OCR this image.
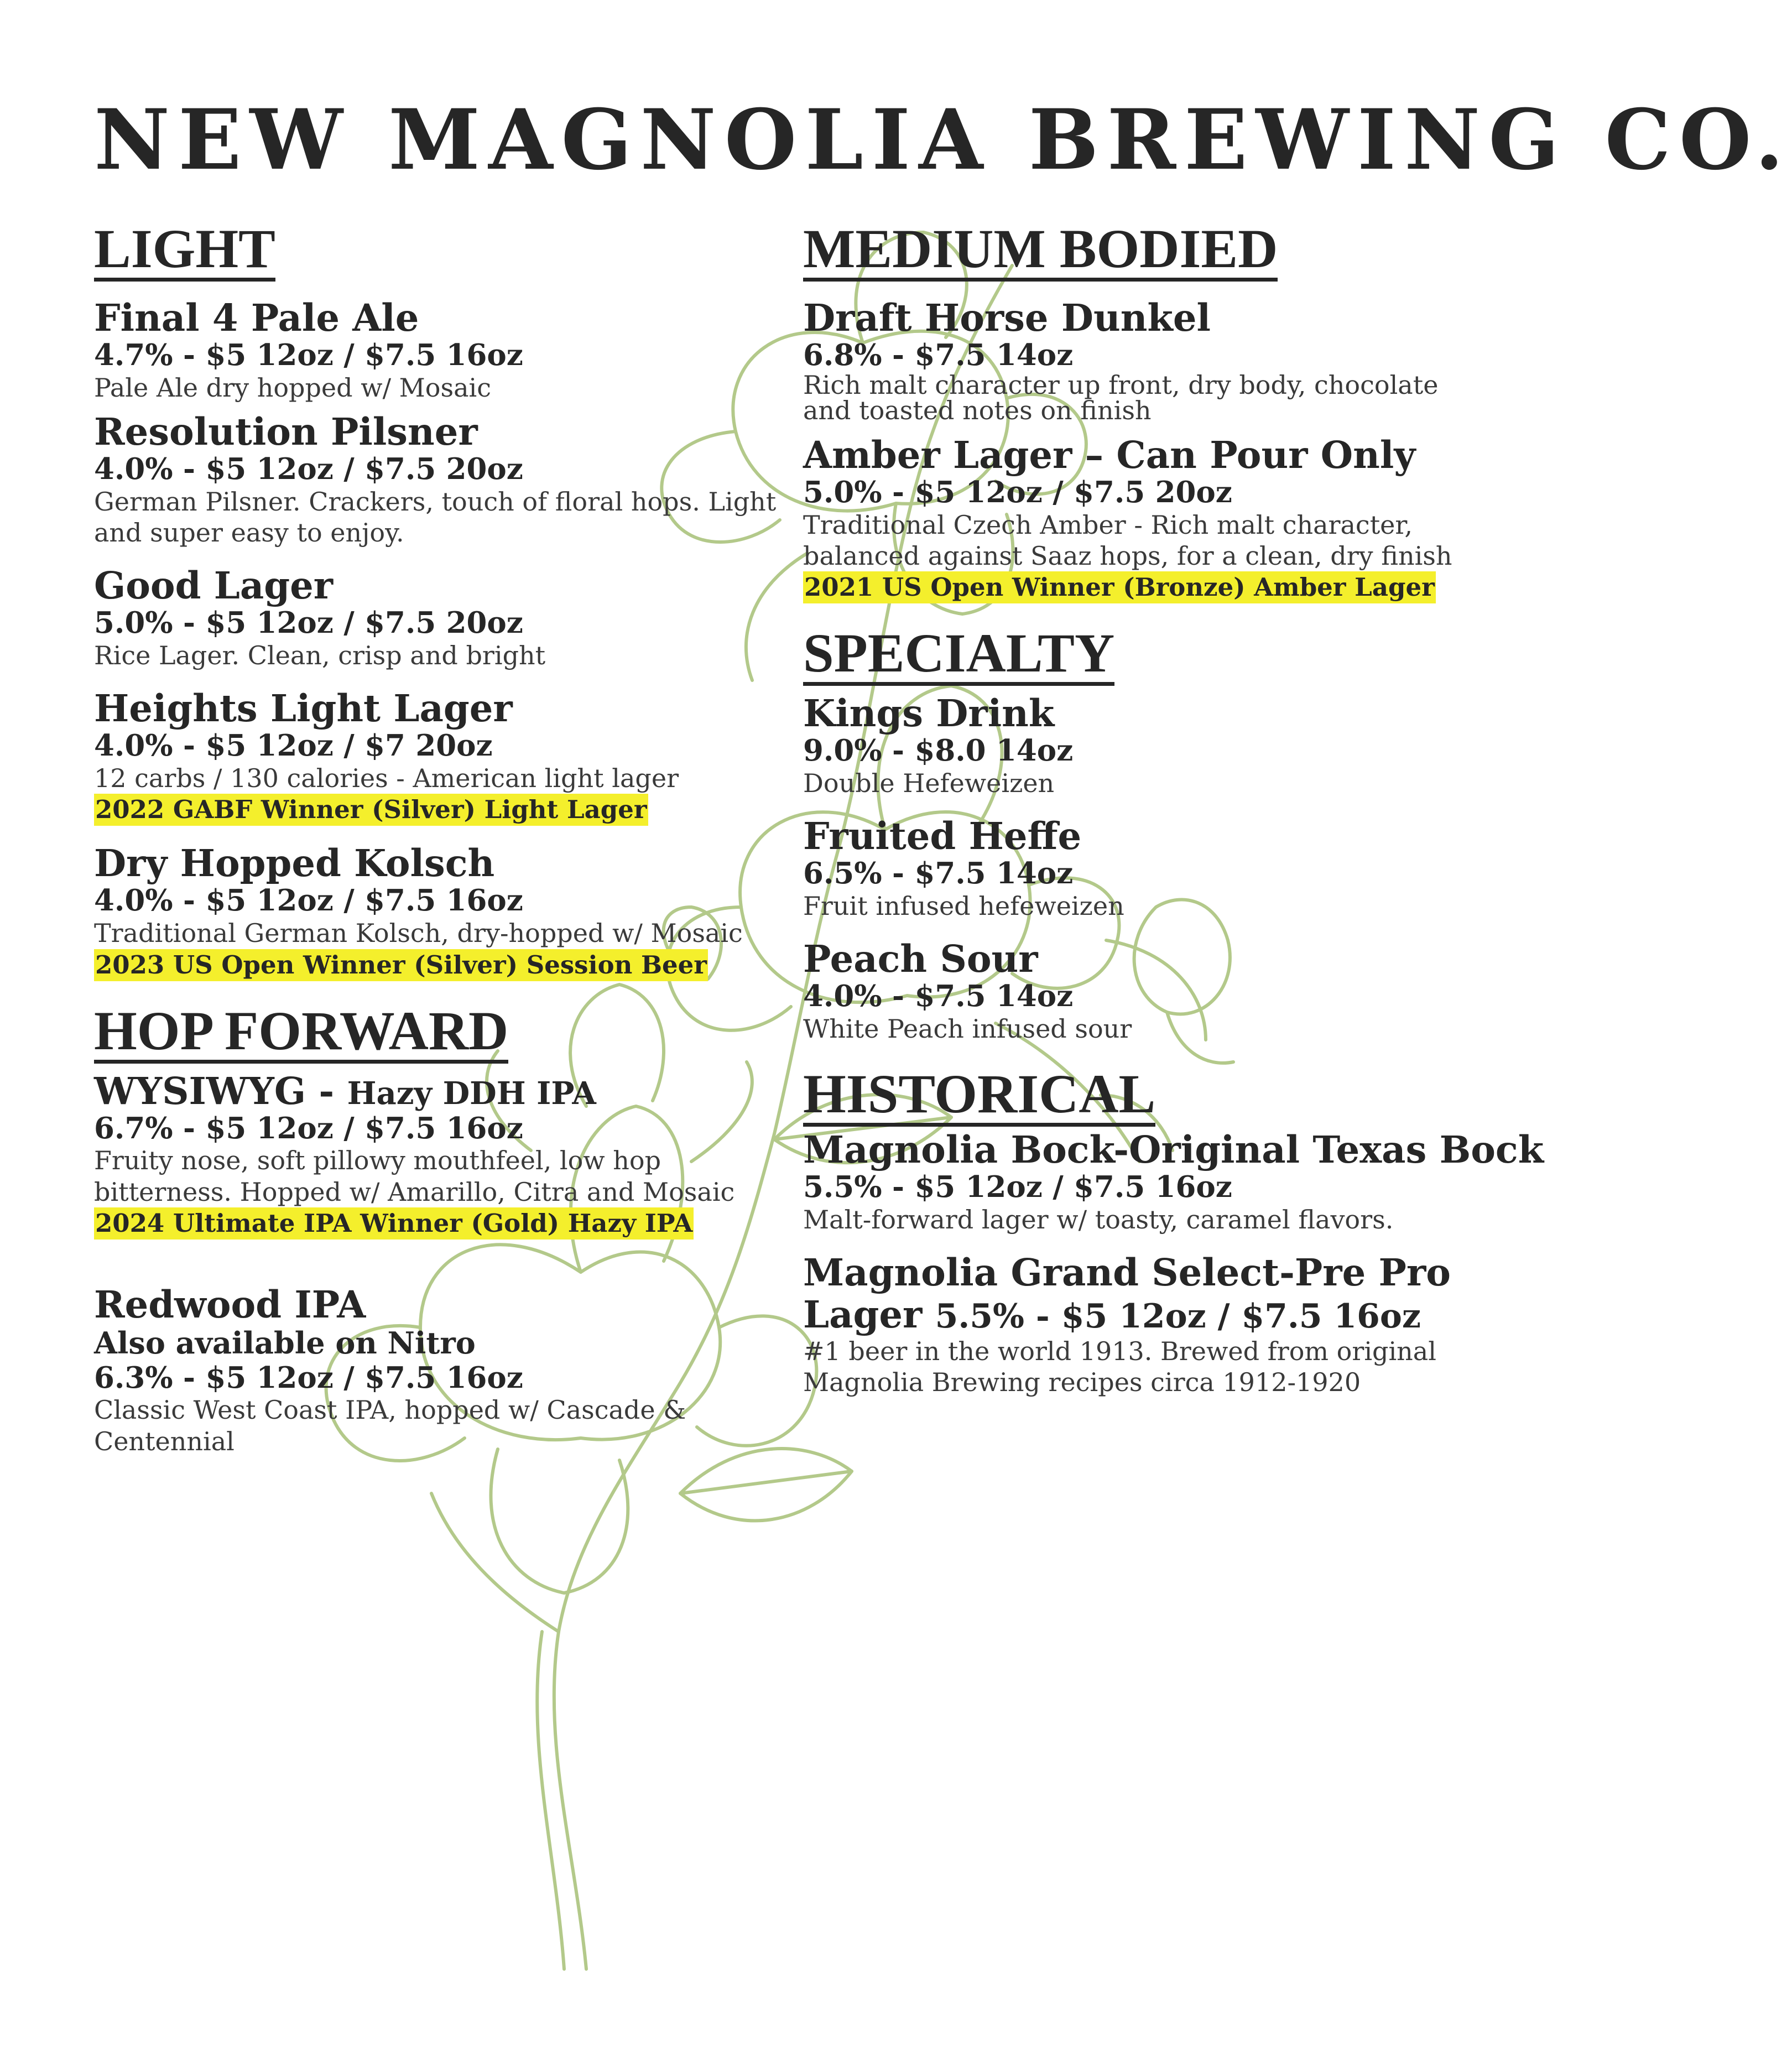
NEW MAGNOLIA BREWING CO.
LIGHT

Final 4 Pale Ale

4.7% - $5 12oz / $7.5 16oz

Pale Ale dry hopped w/ Mosaic

Resolution Pilsner

4.0% - $5 12oz / $7.5 20oz

German Pilsner. Crackers, touch of floral hops. Light and super easy to enjoy.

Good Lager

5.0% - $5 12oz / $7.5 20oz

Rice Lager. Clean, crisp and bright

Heights Light Lager

4.0% - $5 12oz / $7 20oz

12 carbs / 130 calories - American light lager

2022 GABF Winner (Silver) Light Lager

Dry Hopped Kolsch

4.0% - $5 12oz / $7.5 16oz

Traditional German Kolsch, dry-hopped w/ Mosaic

2023 US Open Winner (Silver) Session Beer

HOP FORWARD

WYSIWYG - Hazy DDH IPA

6.7% - $5 12oz / $7.5 16oz

Fruity nose, soft pillowy mouthfeel, low hop bitterness. Hopped w/ Amarillo, Citra and Mosaic

2024 Ultimate IPA Winner (Gold) Hazy IPA

Redwood IPA

Also available on Nitro

6.3% - $5 12oz / $7.5 16oz

Classic West Coast IPA, hopped w/ Cascade & Centennial

MEDIUM BODIED

Draft Horse Dunkel

6.8% - $7.5 14oz

Rich malt character up front, dry body, chocolate and toasted notes on finish

Amber Lager – Can Pour Only

5.0% - $5 12oz / $7.5 20oz

Traditional Czech Amber - Rich malt character, balanced against Saaz hops, for a clean, dry finish

2021 US Open Winner (Bronze) Amber Lager

SPECIALTY

Kings Drink

9.0% - $8.0 14oz

Double Hefeweizen

Fruited Heffe

6.5% - $7.5 14oz

Fruit infused hefeweizen

Peach Sour

4.0% - $7.5 14oz

White Peach infused sour

HISTORICAL

Magnolia Bock-Original Texas Bock

5.5% - $5 12oz / $7.5 16oz

Malt-forward lager w/ toasty, caramel flavors.

Magnolia Grand Select-Pre Pro

Lager 5.5% - $5 12oz / $7.5 16oz

#1 beer in the world 1913. Brewed from original Magnolia Brewing recipes circa 1912-1920
